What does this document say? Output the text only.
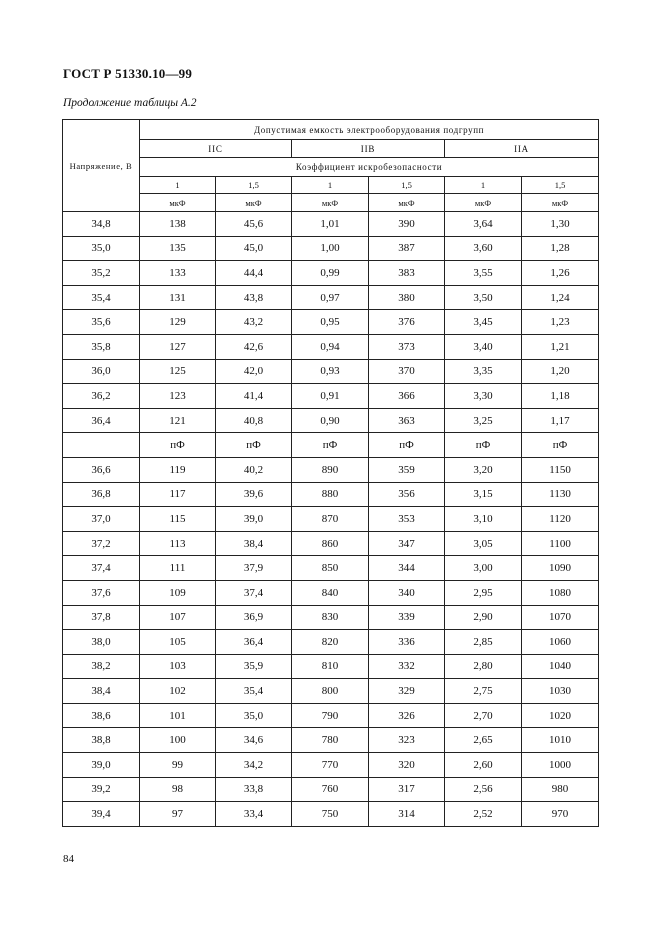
ГОСТ Р 51330.10—99
Продолжение таблицы А.2
Напряжение, В	Допустимая емкость электрооборудования подгрупп					
	IIC		IIB		IIA	
	Коэффициент искробезопасности					
	1	1,5	1	1,5	1	1,5
	мкФ	мкФ	мкФ	мкФ	мкФ	мкФ
34,8	138	45,6	1,01	390	3,64	1,30
35,0	135	45,0	1,00	387	3,60	1,28
35,2	133	44,4	0,99	383	3,55	1,26
35,4	131	43,8	0,97	380	3,50	1,24
35,6	129	43,2	0,95	376	3,45	1,23
35,8	127	42,6	0,94	373	3,40	1,21
36,0	125	42,0	0,93	370	3,35	1,20
36,2	123	41,4	0,91	366	3,30	1,18
36,4	121	40,8	0,90	363	3,25	1,17
	пФ	пФ	пФ	пФ	пФ	пФ
36,6	119	40,2	890	359	3,20	1150
36,8	117	39,6	880	356	3,15	1130
37,0	115	39,0	870	353	3,10	1120
37,2	113	38,4	860	347	3,05	1100
37,4	111	37,9	850	344	3,00	1090
37,6	109	37,4	840	340	2,95	1080
37,8	107	36,9	830	339	2,90	1070
38,0	105	36,4	820	336	2,85	1060
38,2	103	35,9	810	332	2,80	1040
38,4	102	35,4	800	329	2,75	1030
38,6	101	35,0	790	326	2,70	1020
38,8	100	34,6	780	323	2,65	1010
39,0	99	34,2	770	320	2,60	1000
39,2	98	33,8	760	317	2,56	980
39,4	97	33,4	750	314	2,52	970
84
